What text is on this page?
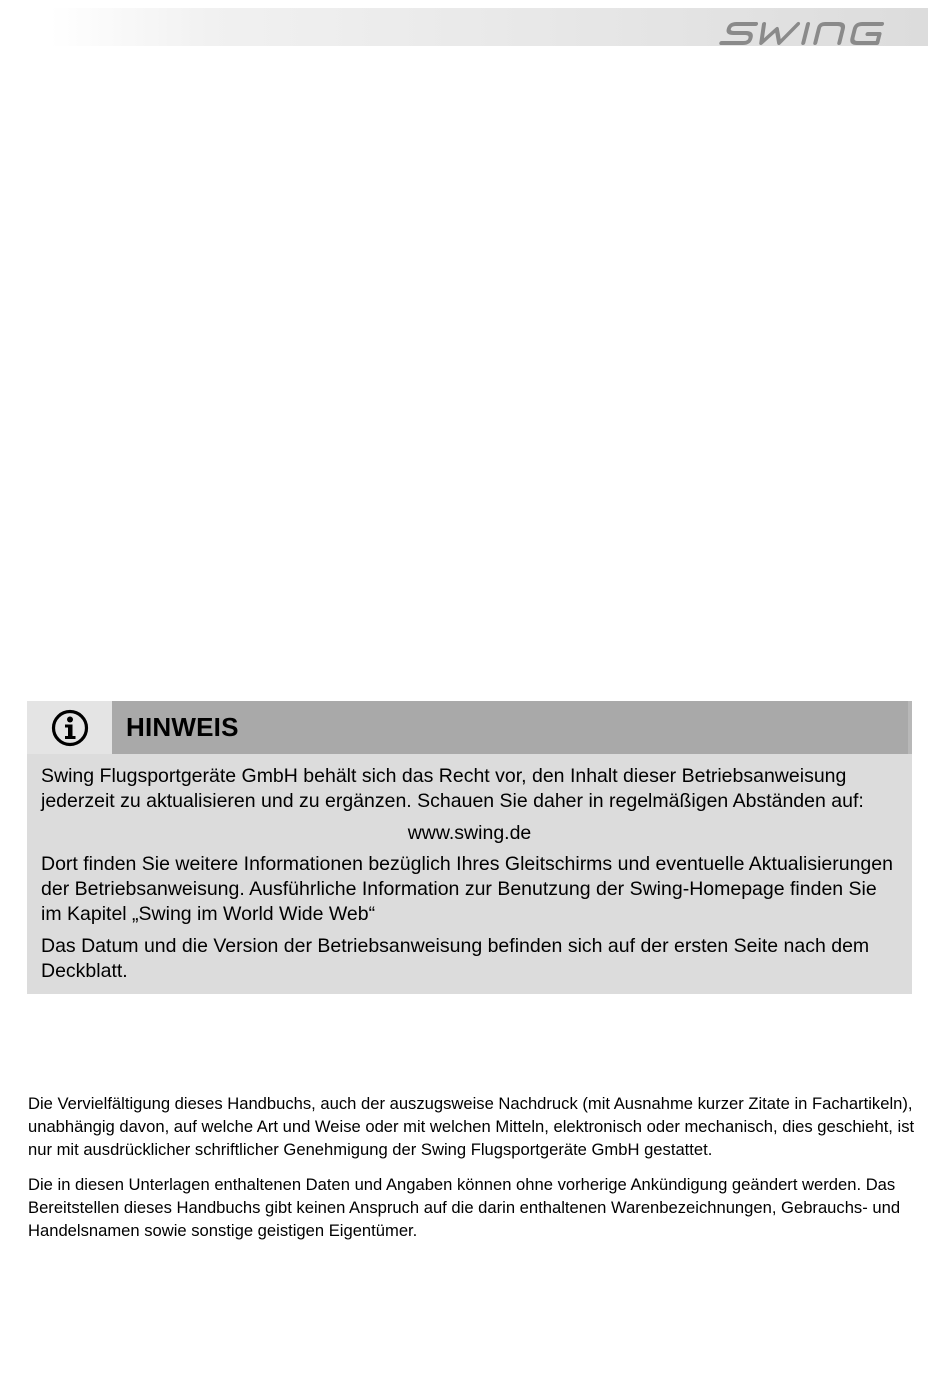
HINWEIS

Swing Flugsportgeräte GmbH behält sich das Recht vor, den Inhalt dieser Betriebsanweisung jederzeit zu aktualisieren und zu ergänzen. Schauen Sie daher in regelmäßigen Abständen auf:

www.swing.de

Dort finden Sie weitere Informationen bezüglich Ihres Gleitschirms und eventuelle Aktualisierungen der Betriebsanweisung. Ausführliche Information zur Benutzung der Swing-Homepage finden Sie im Kapitel „Swing im World Wide Web“

Das Datum und die Version der Betriebsanweisung befinden sich auf der ersten Seite nach dem Deckblatt.

Die Vervielfältigung dieses Handbuchs, auch der auszugsweise Nachdruck (mit Ausnahme kurzer Zitate in Fachartikeln), unabhängig davon, auf welche Art und Weise oder mit welchen Mitteln, elektronisch oder mechanisch, dies geschieht, ist nur mit ausdrücklicher schriftlicher Genehmigung der Swing Flugsportgeräte GmbH gestattet.

Die in diesen Unterlagen enthaltenen Daten und Angaben können ohne vorherige Ankündigung geändert werden. Das Bereitstellen dieses Handbuchs gibt keinen Anspruch auf die darin enthaltenen Warenbezeichnungen, Gebrauchs- und Handelsnamen sowie sonstige geistigen Eigentümer.
